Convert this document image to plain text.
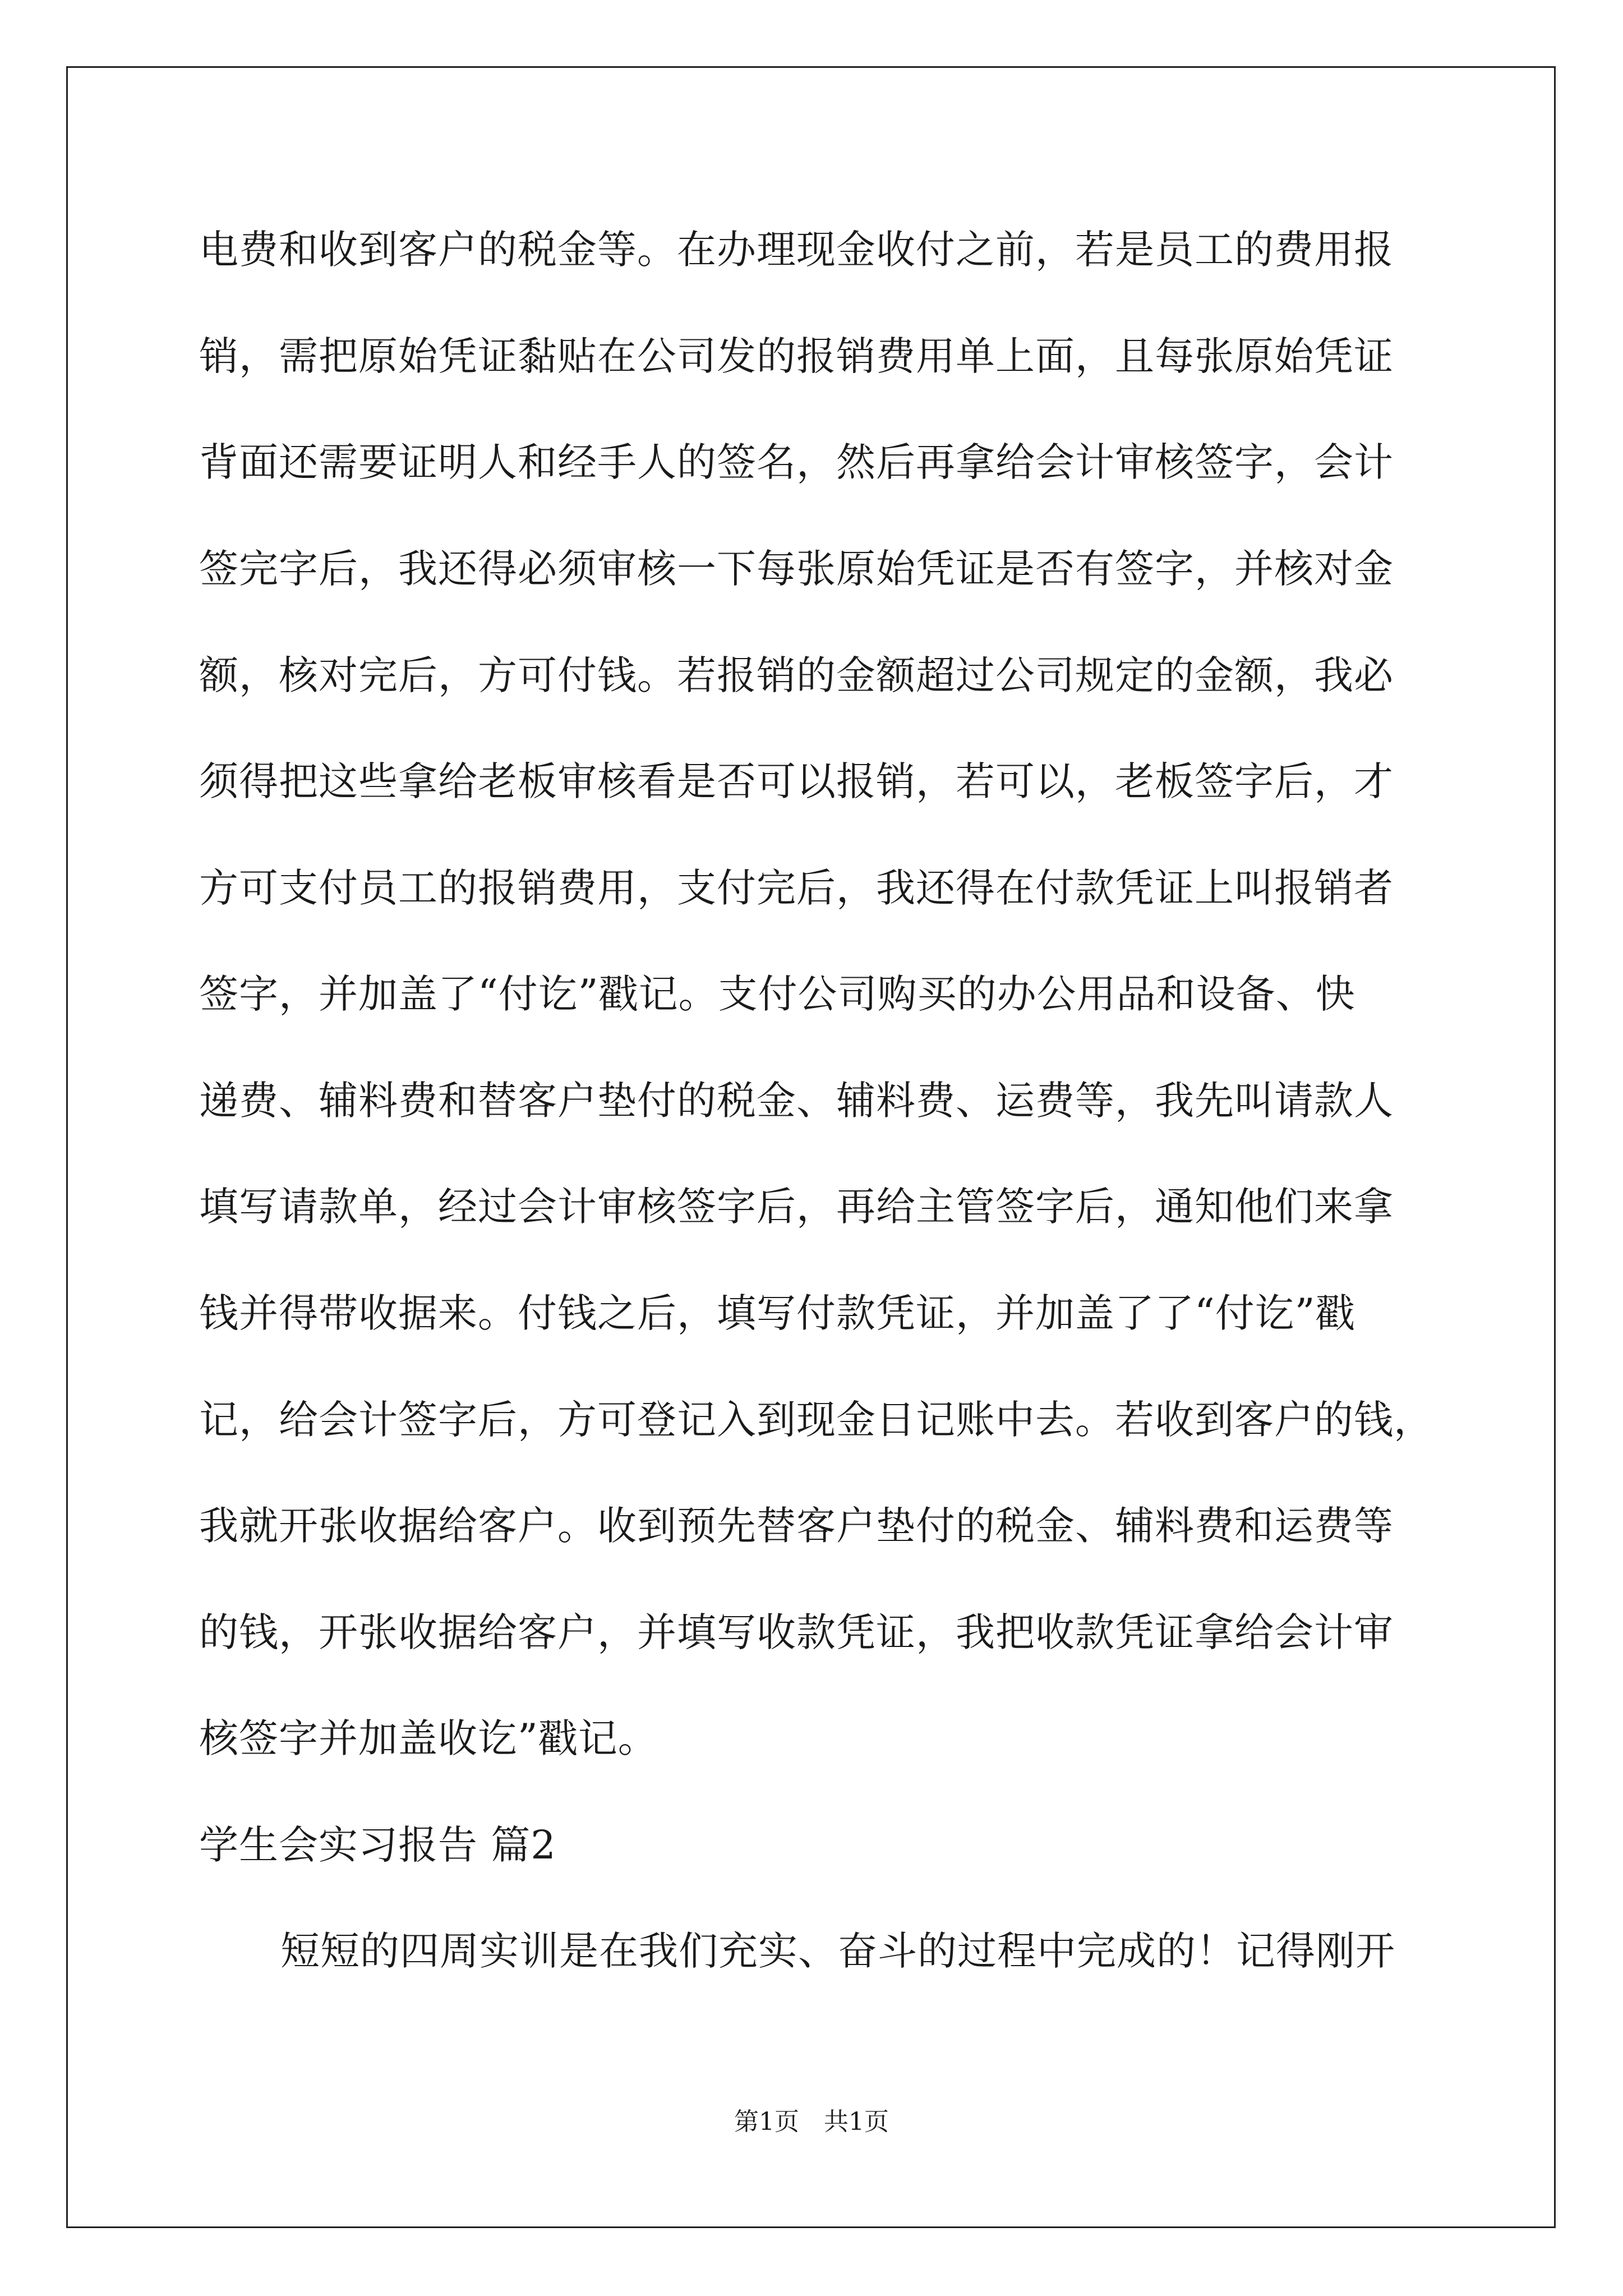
电费和收到客户的税金等。在办理现金收付之前，若是员工的费用报
销，需把原始凭证黏贴在公司发的报销费用单上面，且每张原始凭证
背面还需要证明人和经手人的签名，然后再拿给会计审核签字，会计
签完字后，我还得必须审核一下每张原始凭证是否有签字，并核对金
额，核对完后，方可付钱。若报销的金额超过公司规定的金额，我必
须得把这些拿给老板审核看是否可以报销，若可以，老板签字后，才
方可支付员工的报销费用，支付完后，我还得在付款凭证上叫报销者
签字，并加盖了“付讫”戳记。支付公司购买的办公用品和设备、快
递费、辅料费和替客户垫付的税金、辅料费、运费等，我先叫请款人
填写请款单，经过会计审核签字后，再给主管签字后，通知他们来拿
钱并得带收据来。付钱之后，填写付款凭证，并加盖了了“付讫”戳
记，给会计签字后，方可登记入到现金日记账中去。若收到客户的钱，
我就开张收据给客户。收到预先替客户垫付的税金、辅料费和运费等
的钱，开张收据给客户，并填写收款凭证，我把收款凭证拿给会计审
核签字并加盖收讫”戳记。
学生会实习报告 篇2
短短的四周实训是在我们充实、奋斗的过程中完成的！记得刚开
第1页　共1页
